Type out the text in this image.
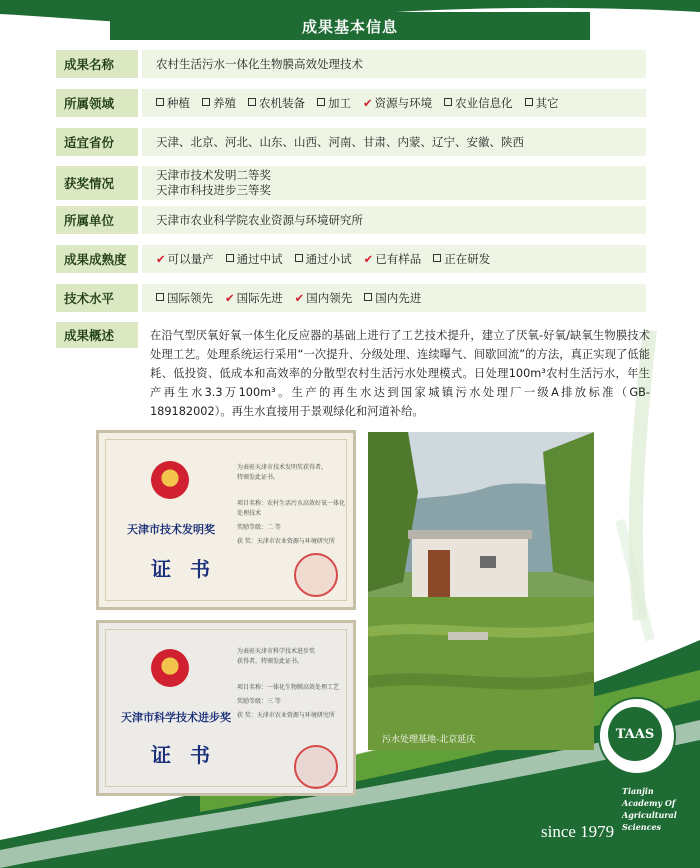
成果基本信息
成果名称	农村生活污水一体化生物膜高效处理技术
所属领域	种植	养殖	农机装备	加工 ✔ 资源与环境	农业信息化	其它
适宜省份	天津、北京、河北、山东、山西、河南、甘肃、内蒙、辽宁、安徽、陕西
获奖情况
天津市技术发明二等奖
天津市科技进步三等奖
所属单位	天津市农业科学院农业资源与环境研究所
成果成熟度	✔ 可以量产	通过中试	通过小试 ✔ 已有样品	正在研发
技术水平	国际领先 ✔ 国际先进 ✔ 国内领先	国内先进
成果概述	在沿气型厌氧好氧一体生化反应器的基础上进行了工艺技术提升，建立了厌氧-好氧/缺氧生物膜技术处理工艺。处理系统运行采用“一次提升、分级处理、连续曝气、间歇回流”的方法，真正实现了低能耗、低投资、低成本和高效率的分散型农村生活污水处理模式。日处理100m³农村生活污水，年生产再生水3.3万100m³。生产的再生水达到国家城镇污水处理厂一级A排放标准（GB-189182002）。再生水直接用于景观绿化和河道补给。
天津市技术发明奖
证 书
为表彰天津市技术发明奖获得者，
特颁发此证书。
项目名称：农村生活污水高效好氧一体化处理技术
奖励等级：二 等
获 奖：天津市农业资源与环境研究所
天津市科学技术进步奖
证 书
为表彰天津市科学技术进步奖
获得者，特颁发此证书。
项目名称：一体化生物膜高效处理工艺
奖励等级：三 等
获 奖：天津市农业资源与环境研究所
污水处理基地-北京延庆	TAAS
Tianjin
Academy Of
Agricultural
Sciences
since 1979
